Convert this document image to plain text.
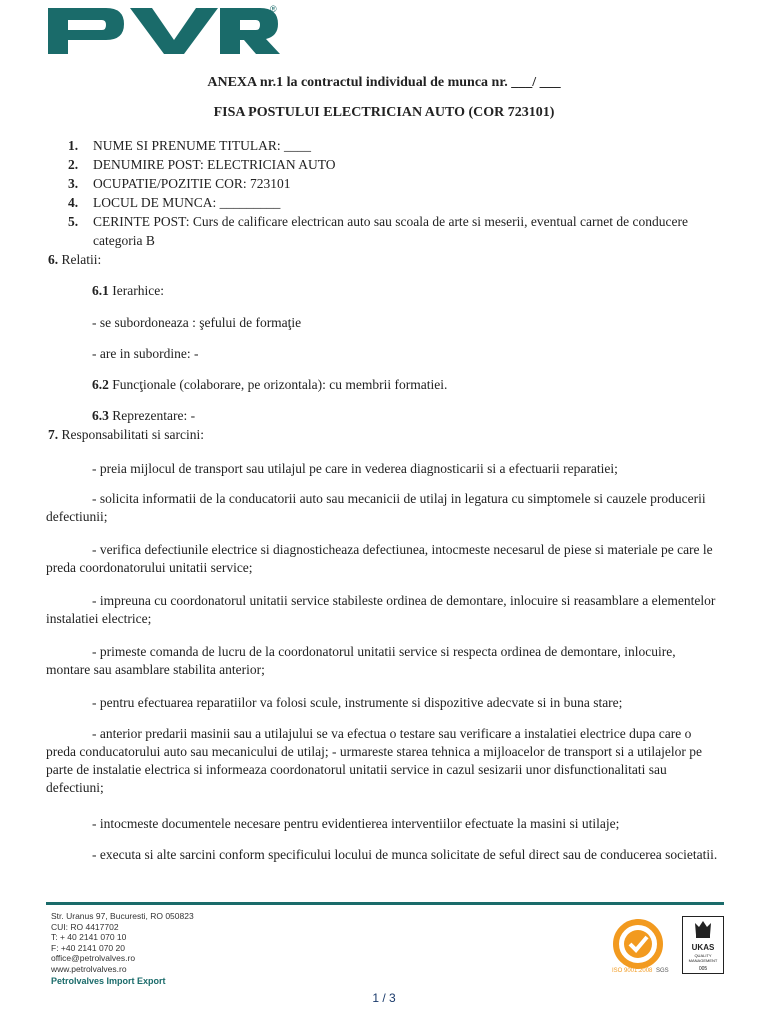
®
ANEXA nr.1 la contractul individual de munca nr. ___/ ___
FISA POSTULUI ELECTRICIAN AUTO (COR 723101)
1.	NUME SI PRENUME TITULAR: ____
2.	DENUMIRE POST: ELECTRICIAN AUTO
3.	OCUPATIE/POZITIE COR: 723101
4.	LOCUL DE MUNCA: _________
5.	CERINTE POST: Curs de calificare electrican auto sau scoala de arte si meserii, eventual carnet de conducere categoria B
6. Relatii:
6.1 Ierarhice:
- se subordoneaza : şefului de formaţie
- are in subordine: -
6.2 Funcţionale (colaborare, pe orizontala): cu membrii formatiei.
6.3 Reprezentare: -
7. Responsabilitati si sarcini:
- preia mijlocul de transport sau utilajul pe care in vederea diagnosticarii si a efectuarii reparatiei;
- solicita informatii de la conducatorii auto sau mecanicii de utilaj in legatura cu simptomele si cauzele producerii defectiunii;
- verifica defectiunile electrice si diagnosticheaza defectiunea, intocmeste necesarul de piese si materiale pe care le preda coordonatorului unitatii service;
- impreuna cu coordonatorul unitatii service stabileste ordinea de demontare, inlocuire si reasamblare a elementelor instalatiei electrice;
- primeste comanda de lucru de la coordonatorul unitatii service si respecta ordinea de demontare, inlocuire, montare sau asamblare stabilita anterior;
- pentru efectuarea reparatiilor va folosi scule, instrumente si dispozitive adecvate si in buna stare;
- anterior predarii masinii sau a utilajului se va efectua o testare sau verificare a instalatiei electrice dupa care o preda conducatorului auto sau mecanicului de utilaj; - urmareste starea tehnica a mijloacelor de transport si a utilajelor pe parte de instalatie electrica si informeaza coordonatorul unitatii service in cazul sesizarii unor disfunctionalitati sau defectiuni;
- intocmeste documentele necesare pentru evidentierea interventiilor efectuate la masini si utilaje;
- executa si alte sarcini conform specificului locului de munca solicitate de seful direct sau de conducerea societatii.
Str. Uranus 97, Bucuresti, RO 050823
CUI: RO 4417702
T: + 40 2141 070 10
F: +40 2141 070 20
office@petrolvalves.ro
www.petrolvalves.ro
Petrolvalves Import Export
ISO 9001:2008 SGS
UKAS
QUALITY
MANAGEMENT
005
1 / 3
